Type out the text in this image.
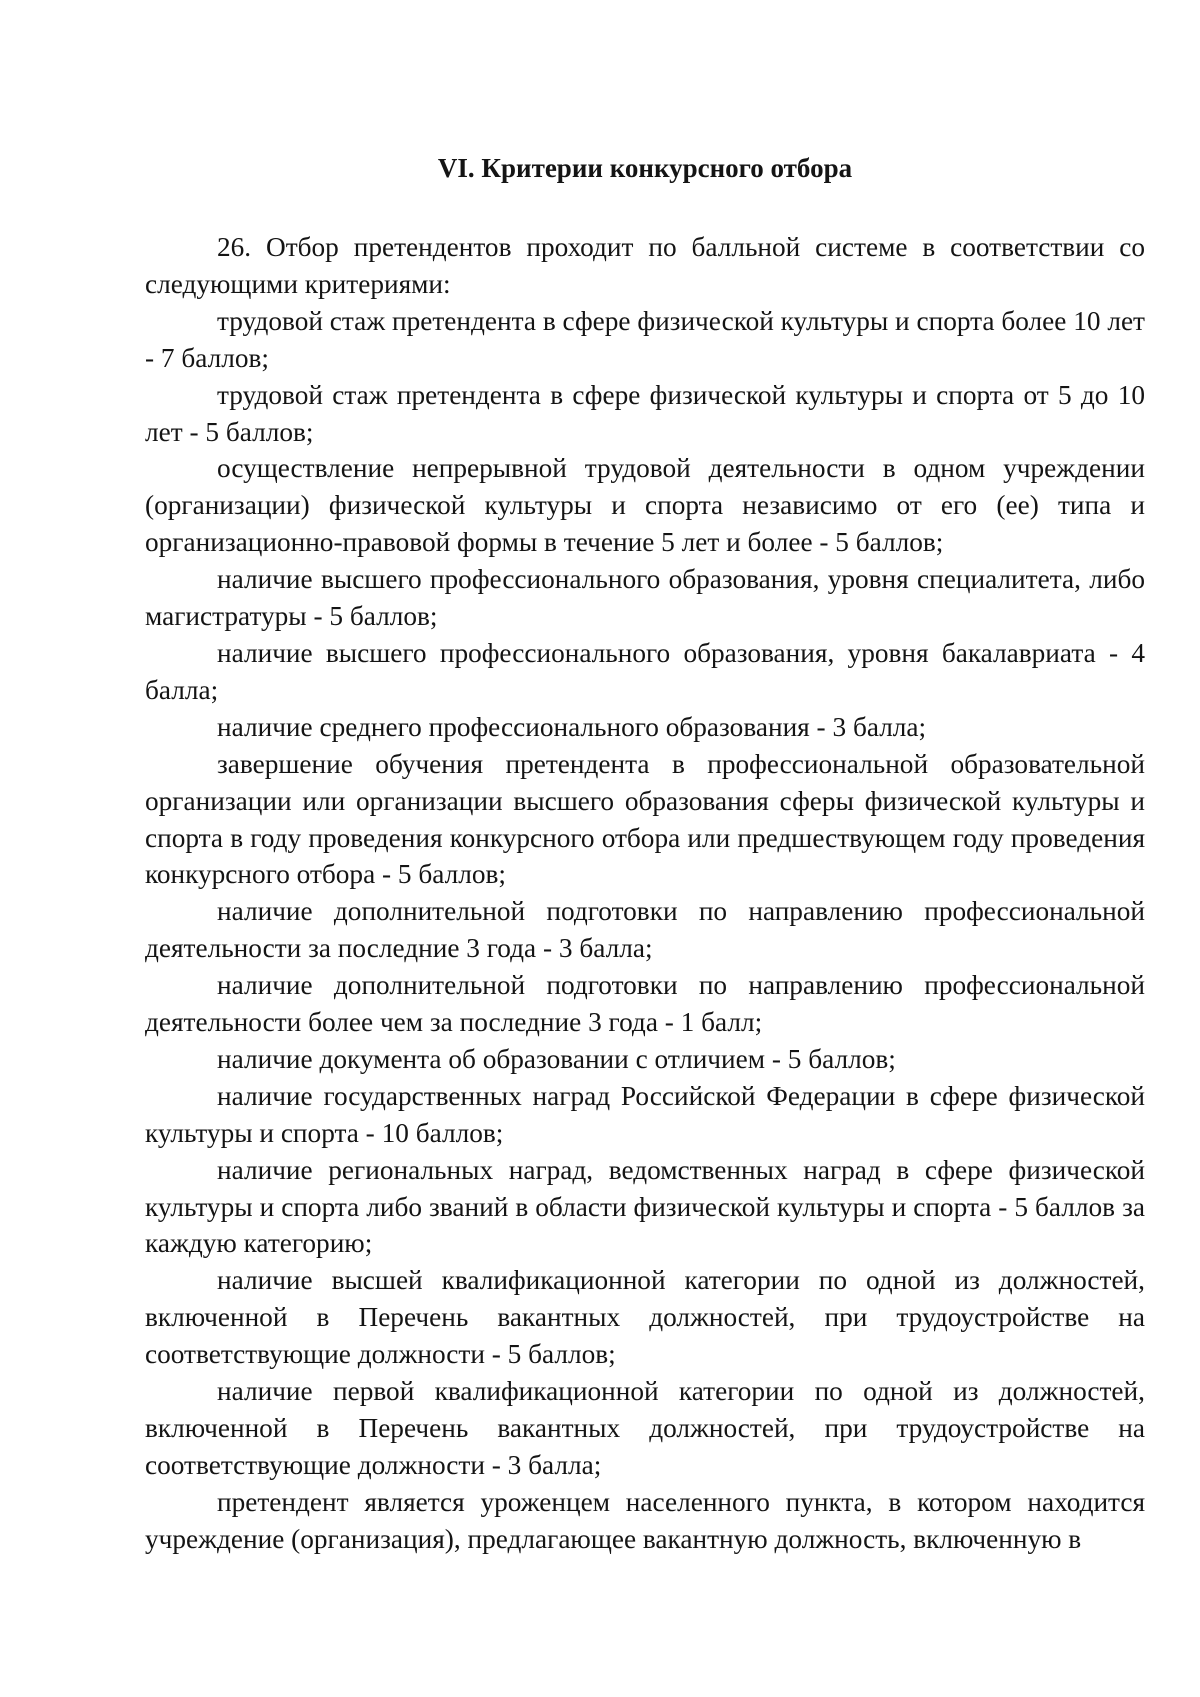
VI. Критерии конкурсного отбора

26. Отбор претендентов проходит по балльной системе в соответствии со следующими критериями:

трудовой стаж претендента в сфере физической культуры и спорта более 10 лет - 7 баллов;

трудовой стаж претендента в сфере физической культуры и спорта от 5 до 10 лет - 5 баллов;

осуществление непрерывной трудовой деятельности в одном учреждении (организации) физической культуры и спорта независимо от его (ее) типа и организационно-правовой формы в течение 5 лет и более - 5 баллов;

наличие высшего профессионального образования, уровня специалитета, либо магистратуры - 5 баллов;

наличие высшего профессионального образования, уровня бакалавриата - 4 балла;

наличие среднего профессионального образования - 3 балла;

завершение обучения претендента в профессиональной образовательной организации или организации высшего образования сферы физической культуры и спорта в году проведения конкурсного отбора или предшествующем году проведения конкурсного отбора - 5 баллов;

наличие дополнительной подготовки по направлению профессиональной деятельности за последние 3 года - 3 балла;

наличие дополнительной подготовки по направлению профессиональной деятельности более чем за последние 3 года - 1 балл;

наличие документа об образовании с отличием - 5 баллов;

наличие государственных наград Российской Федерации в сфере физической культуры и спорта - 10 баллов;

наличие региональных наград, ведомственных наград в сфере физической культуры и спорта либо званий в области физической культуры и спорта - 5 баллов за каждую категорию;

наличие высшей квалификационной категории по одной из должностей, включенной в Перечень вакантных должностей, при трудоустройстве на соответствующие должности - 5 баллов;

наличие первой квалификационной категории по одной из должностей, включенной в Перечень вакантных должностей, при трудоустройстве на соответствующие должности - 3 балла;

претендент является уроженцем населенного пункта, в котором находится учреждение (организация), предлагающее вакантную должность, включенную в
